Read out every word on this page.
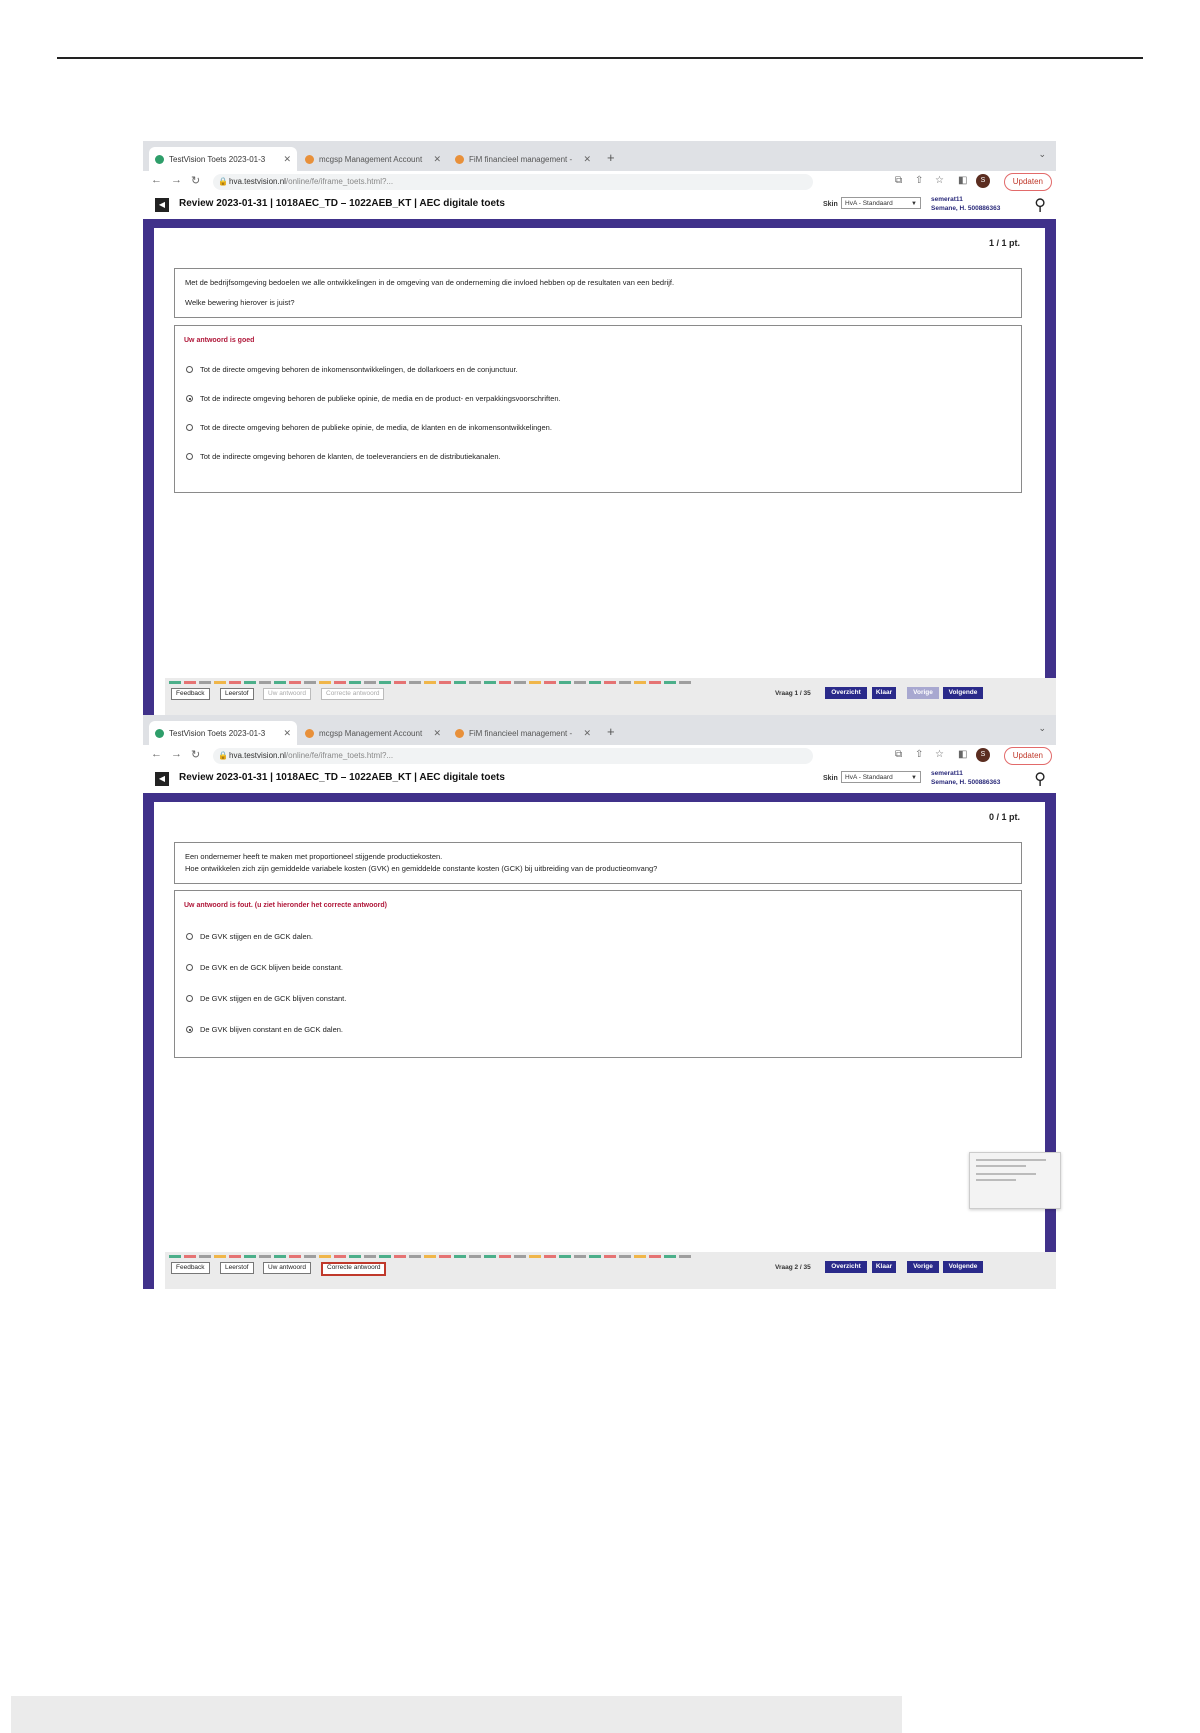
TestVision Toets 2023-01-3	✕	mcgsp Management Account	✕	FiM financieel management -	✕ +	⌄
← → ↻ 🔒 hva.testvision.nl/online/fe/iframe_toets.html?...	⧉ ⇧ ☆ ◧	S	Updaten
◀	Review 2023-01-31 | 1018AEC_TD – 1022AEB_KT | AEC digitale toets	Skin	HvA - Standaard	▼
semerat11
Semane, H. 500886363 ⚲
1 / 1 pt.
Met de bedrijfsomgeving bedoelen we alle ontwikkelingen in de omgeving van de onderneming die invloed hebben op de resultaten van een bedrijf.
Welke bewering hierover is juist?
Uw antwoord is goed
Tot de directe omgeving behoren de inkomensontwikkelingen, de dollarkoers en de conjunctuur.
Tot de indirecte omgeving behoren de publieke opinie, de media en de product- en verpakkingsvoorschriften.
Tot de directe omgeving behoren de publieke opinie, de media, de klanten en de inkomensontwikkelingen.
Tot de indirecte omgeving behoren de klanten, de toeleveranciers en de distributiekanalen.
Feedback	Leerstof	Uw antwoord	Correcte antwoord	Vraag 1 / 35	Overzicht	Klaar	Vorige	Volgende
TestVision Toets 2023-01-3	✕	mcgsp Management Account	✕	FiM financieel management -	✕ +	⌄
← → ↻ 🔒 hva.testvision.nl/online/fe/iframe_toets.html?...	⧉ ⇧ ☆ ◧	S	Updaten
◀	Review 2023-01-31 | 1018AEC_TD – 1022AEB_KT | AEC digitale toets	Skin	HvA - Standaard	▼
semerat11
Semane, H. 500886363 ⚲
0 / 1 pt.
Een ondernemer heeft te maken met proportioneel stijgende productiekosten.
Hoe ontwikkelen zich zijn gemiddelde variabele kosten (GVK) en gemiddelde constante kosten (GCK) bij uitbreiding van de productieomvang?
Uw antwoord is fout. (u ziet hieronder het correcte antwoord)
De GVK stijgen en de GCK dalen.
De GVK en de GCK blijven beide constant.
De GVK stijgen en de GCK blijven constant.
De GVK blijven constant en de GCK dalen.
Feedback	Leerstof	Uw antwoord	Correcte antwoord	Vraag 2 / 35	Overzicht	Klaar	Vorige	Volgende
